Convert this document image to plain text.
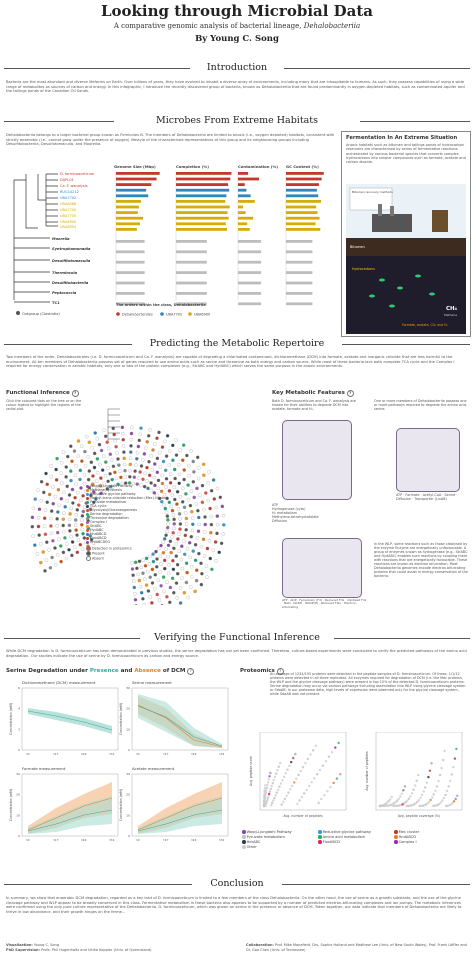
Looking through Microbial Data
A comparative genomic analysis of bacterial lineage, Dehalobacteriia
By Young C. Song
Introduction
Bacteria are the most abundant and diverse lifeforms on Earth. Over billions of years, they have evolved to inhabit a diverse array of environments, including many that are inhospitable to humans. As such, they possess capabilities of using a wide range of metabolites as sources of carbon and energy. In this infographic, I introduce the recently discovered group of bacteria, known as Dehalobacteriia that are found predominantly in oxygen-depleted habitats, such as contaminated aquifer and the tailings ponds of the Canadian Oil Sands.
Microbes From Extreme Habitats
Dehalobacteriia belongs to a larger bacterial group known as Firmicutes B. The members of Dehalobacteriia are limited to anoxic (i.e., oxygen depleted) habitats, consistent with strictly anaerobic (i.e., cannot grow under the presence of oxygen) lifestyle of the characterised representatives of this group and its neighbouring groups including Desulfitobacteriia, Desulfotomaculia, and Moorellia.
Genome Size (Mbp)	Completion (%)	Contamination (%) GC Content (%)
Outgroup (Clostridia)
D. formicoaceticum
DUPL01
Ca. F. wanalysis
RUG14212
UBA7702
UBA8566
UBA7700
UBA7705
UBA6900
UBA6904
Moorella
Syntrophomonadia
Desulfitotomaculia
Thermincola
Desulfitobacteriia
Peptococcia
TC1	The orders within the class, Dehalobacteriia
Dehalobacterales	UBA7702	UBA6900
Fermentation In An Extreme Situation
Anoxic habitats such as bitumen and tailings ponds of hydrocarbon reservoirs are characterised by series of fermentative reactions orchestrated by various bacterial species that converts complex hydrocarbons into simpler compounds such as formate, acetate and carbon dioxide.
Bitumen recovery methods
Bitumen
Hydrocarbons
Formate, acetate, CO₂ and H₂
CH₄
Methane
Predicting the Metabolic Repertoire
Two members of the order, Dehalobacterales (i.e. D. formicoaceticum and Ca. F. wanalysis) are capable of degrading a chlorinated contaminant, dichloromethane (DCM) into formate, acetate and inorganic chloride that are less harmful to the environment. All ten members of Dehalobacteriia possess set of genes required to use amino acids such as serine and threonine as both energy and carbon source. While most of these bacteria lack both complete TCA cycle and the Complex I required for energy conservation in aerobic habitats, only one or two of the protein complexes (e.g., StrABC and HydABC) which serves the same purpose in the anoxic environments.
Functional Inference ?
Click the coloured dots on the tree or on the colour legend to highlight the regions of the radial plot.
Wood-Ljungdahl Pathway
Methane synthesis
Reductive glycine pathway
Methyl-trans-chloride reduction (Mec) clusters
Pyruvate metabolism
TCA cycle
Glycolysis/Gluconeogenesis
Serine degradation
Threonine degradation
Complex I
StrABC
HydABC
HndABCD
FloxABCD
RnfABCDEG
Detected in proteomics
Present
Absent
Key Metabolic Features ?
Both D. formicoaceticum and Ca. F. wanalysis are known for their abilities to degrade DCM into acetate, formate and H₂.
One or more members of Dehalobacteriia possess one or more pathways required to degrade the amino acid, serine.
ATP
Hydrogenase (cyto)
H₂ metabolism
Methylene-tetrahydrofolate
Diffusion
ATP · Formate · Acetyl-CoA · Serine · Diffusion · Transporter (LivAB)
In the WLP, some reactions such as those catalysed by the enzyme Enzyme are energetically unfavourable. A group of enzymes known as hydrogenase (e.g., StrABC and HydABC) enables such reactions by coupling them with reactions that are energetically favourable. These reactions are known as electron bifurcation. Most Dehalobacteriia genomes encode electron-bifurcating proteins that could assist in energy conservation of the bacteria.
ATP · ADP · Ferredoxin (Fd) · Reduced Fdx · Oxidized Fdx · NAD · NADH · NADP(H) · Reduced Flav · Electron bifurcating
Verifying the Functional Inference
While DCM degradation in D. formicoaceticum has been demonstrated in previous studies, the serine degradation has not yet been confirmed. Therefore, culture-based experiments were conducted to verify the predicted pathways of the amino acid degradation. Our studies indicate the use of serine by D. formicoaceticum as carbon and energy source.
Serine Degradation under Presence and Absence of DCM ?
Dichloromethane (DCM) measurement
Concentration (mM)
0
2
4
6
t0	t17	t24	t31
Serine measurement
Concentration (mM)
0
10
20
30
t0	t17	t24	t31
Formate measurement
Concentration (mM)
0
10
20
30
t0	t17	t24	t31
Acetate measurement
Concentration (mM)
0
10
20
30
t0	t17	t24	t31
Proteomics ?
An average of 1234/193 proteins were detected in the peptide samples of D. formicoaceticum. Of these, 1/1/12 proteins were detected in all three replicates. All enzymes required for degradation of DCM (i.e. the Mec proteins, the WLP and the glycine cleavage pathway) were present in top 10% of the detected D. formicoaceticum proteins. Serine degradation may occur via various pathways including assimilation into WLP using glycine cleavage system or SdaAB. In our proteome data, high levels of expression were observed only for the glycine cleavage system, while SdaAB was not present.
Avg. number of peptides
Avg. peptide score
Avg. peptide coverage (%)
Avg. number of peptides
Wood-Ljungdahl Pathway	Reductive glycine pathway	Mec cluster
Pyruvate metabolism	Amino acid metabolism	HndABCD
HdrABC	FloxABCD	Complex I
Other
Conclusion
In summary, we show that anaerobic DCM degradation, regarded as a key trait of D. formicoaceticum is limited to a few members of the class Dehalobacteriia. On the other hand, the use of serine as a growth substrate, and the use of the glycine cleavage pathway and WLP appear to be broadly conserved in this class. Fermentative metabolism in these bacteria also appears to be supported by a number of predicted electron-bifurcating complexes and ion pumps. The metabolic inferences were confirmed using the only pure culture representative of the Dehalobacteriia, D. formicoaceticum, which was grown on serine in the presence or absence of DCM. Taken together, our data indicate that members of Dehalobacteriia are likely to thrive in low abundance, and their growth hinges on the ferme...
Visualization: Young C. Song
PhD Supervision: Profs. Phil Hugenholtz and Ulrike Kappler (Univ. of Queensland)
Collaboration: Prof. Mike Manefield, Drs. Sophie Holland and Matthew Lee (Univ. of New South Wales), Prof. Frank Löffler and Dr. Gao Chen (Univ. of Tennessee)
